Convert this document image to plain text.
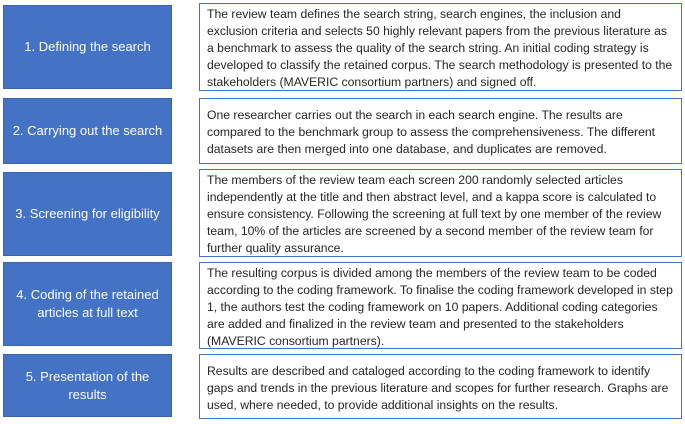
1. Defining the search
The review team defines the search string, search engines, the inclusion and exclusion criteria and selects 50 highly relevant papers from the previous literature as a benchmark to assess the quality of the search string. An initial coding strategy is developed to classify the retained corpus. The search methodology is presented to the stakeholders (MAVERIC consortium partners) and signed off.
2. Carrying out the search
One researcher carries out the search in each search engine. The results are compared to the benchmark group to assess the comprehensiveness. The different datasets are then merged into one database, and duplicates are removed.
3. Screening for eligibility
The members of the review team each screen 200 randomly selected articles independently at the title and then abstract level, and a kappa score is calculated to ensure consistency. Following the screening at full text by one member of the review team, 10% of the articles are screened by a second member of the review team for further quality assurance.
4. Coding of the retained articles at full text
The resulting corpus is divided among the members of the review team to be coded according to the coding framework. To finalise the coding framework developed in step 1, the authors test the coding framework on 10 papers. Additional coding categories are added and finalized in the review team and presented to the stakeholders (MAVERIC consortium partners).
5. Presentation of the results
Results are described and cataloged according to the coding framework to identify gaps and trends in the previous literature and scopes for further research. Graphs are used, where needed, to provide additional insights on the results.
